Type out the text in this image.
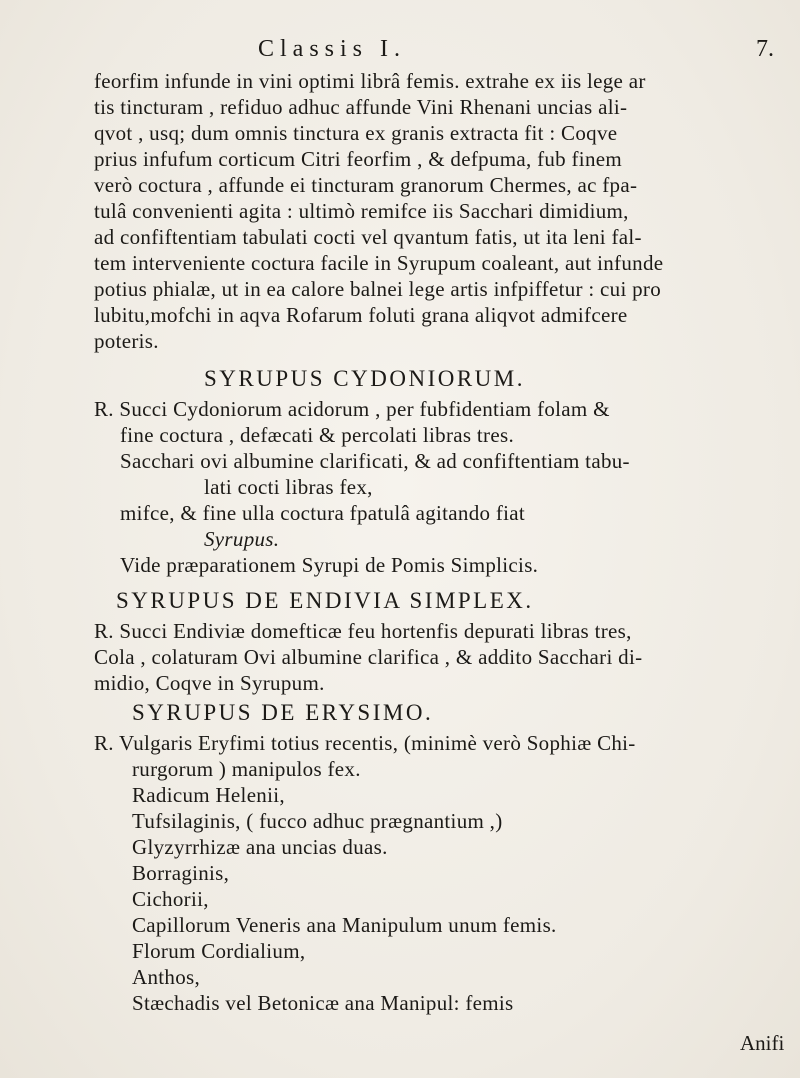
Classis I.	7.
feorfim infunde in vini optimi librâ femis. extrahe ex iis lege ar
tis tincturam , refiduo adhuc affunde Vini Rhenani uncias ali-
qvot , usq; dum omnis tinctura ex granis extracta fit : Coqve
prius infufum corticum Citri feorfim , & defpuma, fub finem
verò coctura , affunde ei tincturam granorum Chermes, ac fpa-
tulâ convenienti agita : ultimò remifce iis Sacchari dimidium,
ad confiftentiam tabulati cocti vel qvantum fatis, ut ita leni fal-
tem interveniente coctura facile in Syrupum coaleant, aut infunde
potius phialæ, ut in ea calore balnei lege artis infpiffetur : cui pro
lubitu,mofchi in aqva Rofarum foluti grana aliqvot admifcere
poteris.
SYRUPUS CYDONIORUM.
R. Succi Cydoniorum acidorum , per fubfidentiam folam &
fine coctura , defæcati & percolati libras tres.
Sacchari ovi albumine clarificati, & ad confiftentiam tabu-
lati cocti libras fex,
mifce, & fine ulla coctura fpatulâ agitando fiat
Syrupus.
Vide præparationem Syrupi de Pomis Simplicis.
SYRUPUS DE ENDIVIA SIMPLEX.
R. Succi Endiviæ domefticæ feu hortenfis depurati libras tres,
Cola , colaturam Ovi albumine clarifica , & addito Sacchari di-
midio, Coqve in Syrupum.
SYRUPUS DE ERYSIMO.
R. Vulgaris Eryfimi totius recentis, (minimè verò Sophiæ Chi-
rurgorum ) manipulos fex.
Radicum Helenii,
Tufsilaginis, ( fucco adhuc prægnantium ,)
Glyzyrrhizæ ana uncias duas.
Borraginis,
Cichorii,
Capillorum Veneris ana Manipulum unum femis.
Florum Cordialium,
Anthos,
Stæchadis vel Betonicæ ana Manipul: femis
Anifi
